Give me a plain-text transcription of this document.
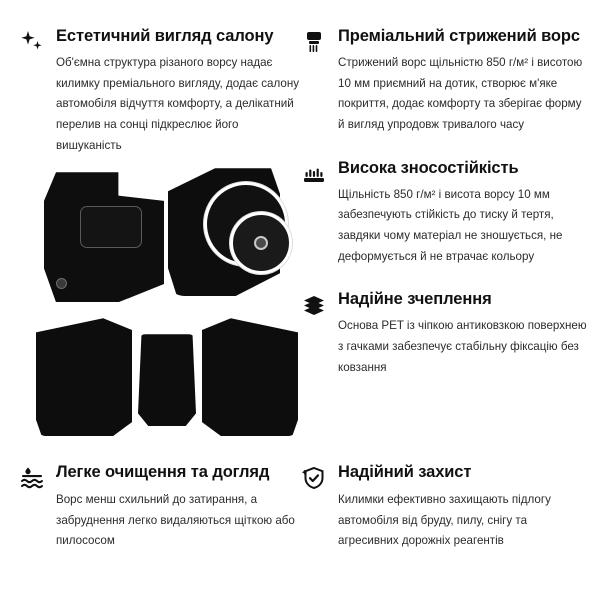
Естетичний вигляд салону

Об'ємна структура різаного ворсу надає килимку преміального вигляду, додає салону автомобіля відчуття комфорту, а делікатний перелив на сонці підкреслює його вишуканість

Преміальний стрижений ворс

Стрижений ворс щільністю 850 г/м² і висотою 10 мм приємний на дотик, створює м'яке покриття, додає комфорту та зберігає форму й вигляд упродовж тривалого часу

Висока зносостійкість

Щільність 850 г/м² і висота ворсу 10 мм забезпечують стійкість до тиску й тертя, завдяки чому матеріал не зношується, не деформується й не втрачає кольору

Надійне зчеплення

Основа PET із чіпкою антиковзкою поверхнею з гачками забезпечує стабільну фіксацію без ковзання

Легке очищення та догляд

Ворс менш схильний до затирання, а забруднення легко видаляються щіткою або пилососом

Надійний захист

Килимки ефективно захищають підлогу автомобіля від бруду, пилу, снігу та агресивних дорожніх реагентів
